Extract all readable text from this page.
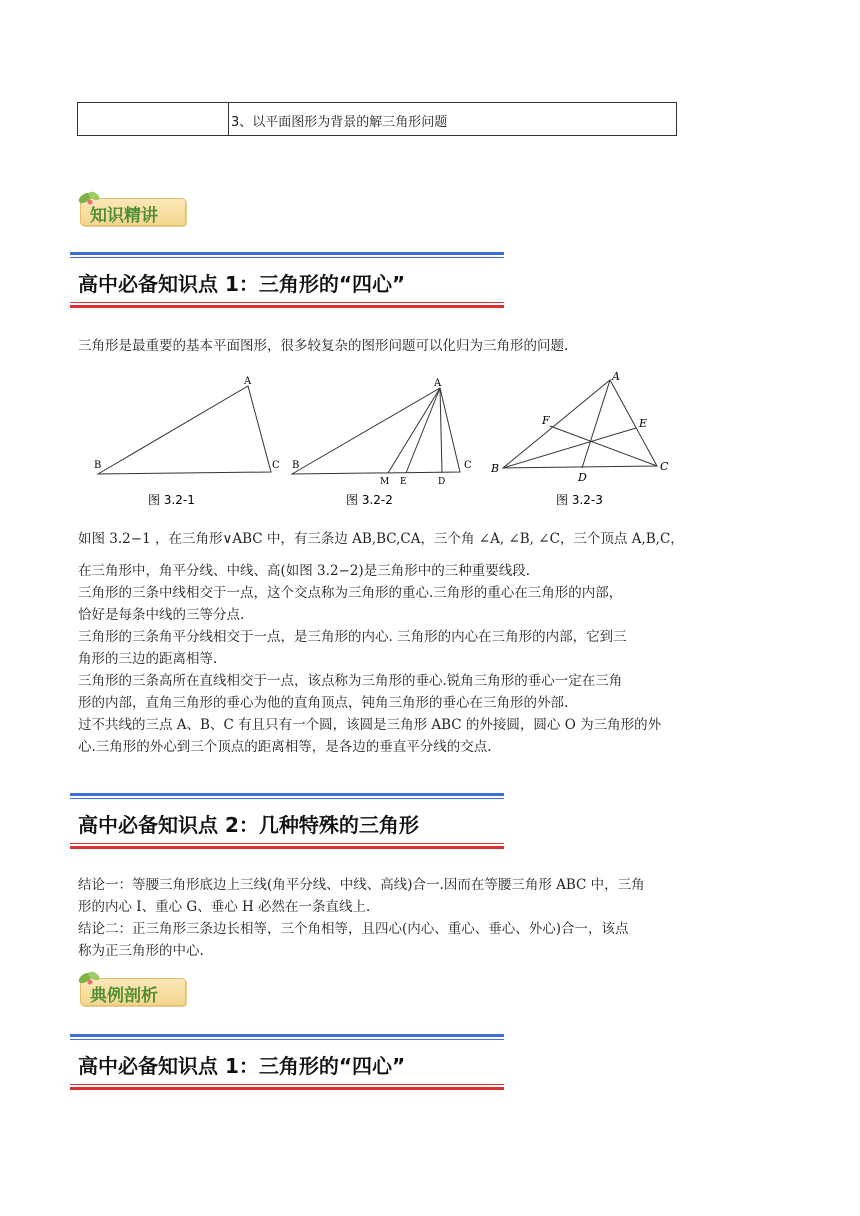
3、以平面图形为背景的解三角形问题
知识精讲
高中必备知识点 1：三角形的“四心”
三角形是最重要的基本平面图形，很多较复杂的图形问题可以化归为三角形的问题.
A
B	C
图 3.2-1
A
B	C
M E	D
图 3.2-2
A
B	C
D
E
F
图 3.2-3
如图 3.2−1 ，在三角形∨ABC 中，有三条边 AB,BC,CA，三个角 ∠A, ∠B, ∠C，三个顶点 A,B,C，
在三角形中，角平分线、中线、高(如图 3.2−2)是三角形中的三种重要线段.
三角形的三条中线相交于一点，这个交点称为三角形的重心.三角形的重心在三角形的内部，
恰好是每条中线的三等分点.
三角形的三条角平分线相交于一点，是三角形的内心. 三角形的内心在三角形的内部，它到三
角形的三边的距离相等.
三角形的三条高所在直线相交于一点，该点称为三角形的垂心.锐角三角形的垂心一定在三角
形的内部，直角三角形的垂心为他的直角顶点，钝角三角形的垂心在三角形的外部.
过不共线的三点 A、B、C 有且只有一个圆，该圆是三角形 ABC 的外接圆，圆心 O 为三角形的外
心.三角形的外心到三个顶点的距离相等，是各边的垂直平分线的交点.
高中必备知识点 2：几种特殊的三角形
结论一：等腰三角形底边上三线(角平分线、中线、高线)合一.因而在等腰三角形 ABC 中，三角
形的内心 I、重心 G、垂心 H 必然在一条直线上.
结论二：正三角形三条边长相等，三个角相等，且四心(内心、重心、垂心、外心)合一，该点
称为正三角形的中心.
典例剖析
高中必备知识点 1：三角形的“四心”
